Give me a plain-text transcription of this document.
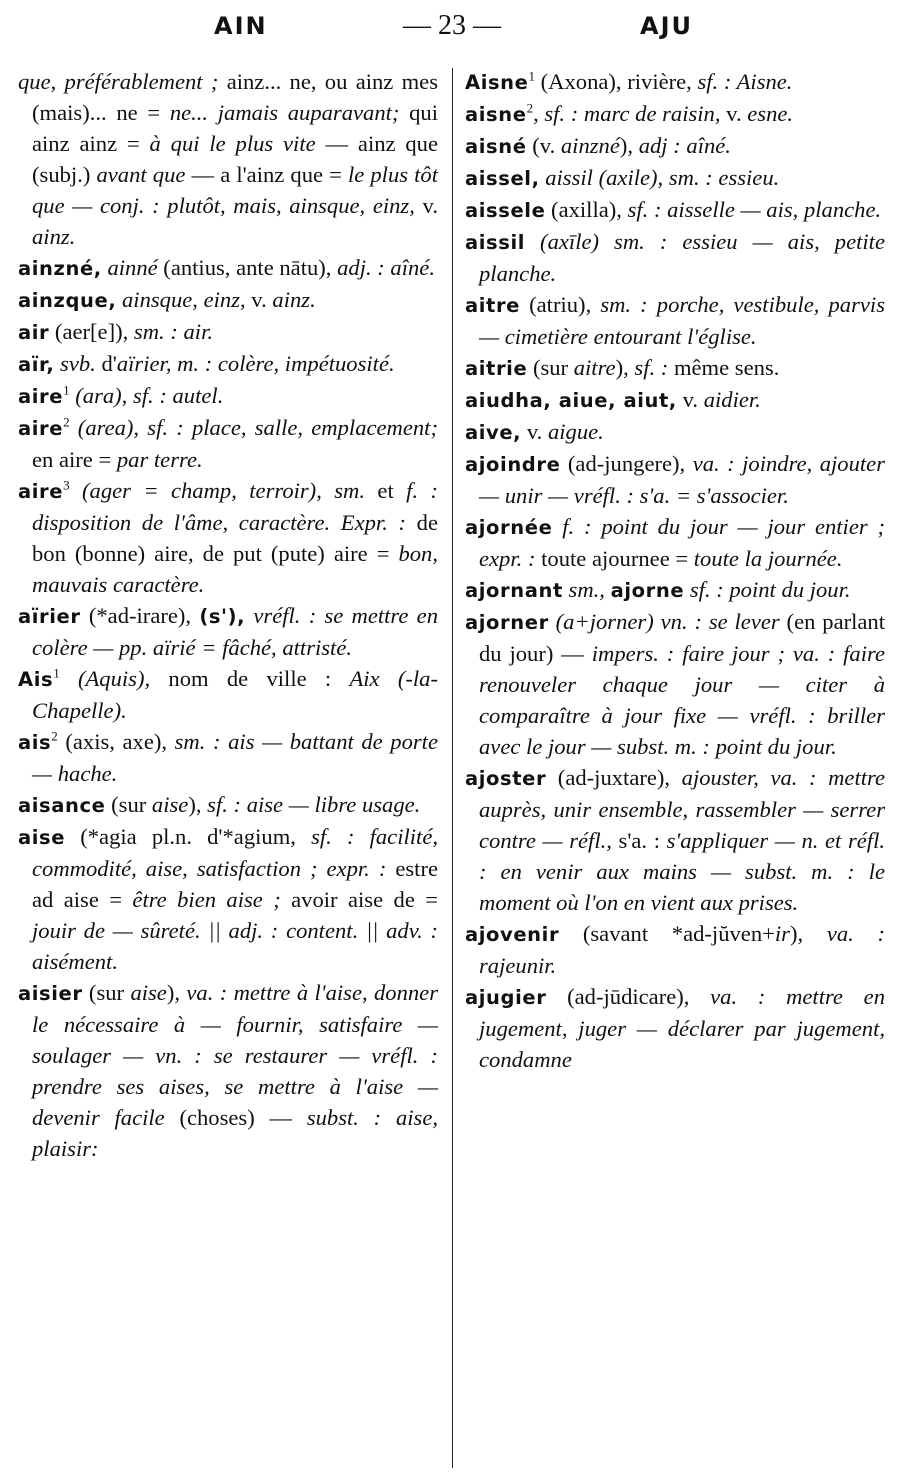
AIN	— 23 —	AJU

que, préférablement ; ainz... ne, ou ainz mes (mais)... ne = ne... jamais auparavant; qui ainz ainz = à qui le plus vite — ainz que (subj.) avant que — a l'ainz que = le plus tôt que — conj. : plutôt, mais, ainsque, einz, v. ainz.

ainzné, ainné (antius, ante nātu), adj. : aîné.

ainzque, ainsque, einz, v. ainz.

air (aer[e]), sm. : air.

aïr, svb. d'aïrier, m. : colère, impétuosité.

aire$^1$ (ara), sf. : autel.

aire$^2$ (area), sf. : place, salle, emplacement; en aire = par terre.

aire$^3$ (ager = champ, terroir), sm. et f. : disposition de l'âme, caractère. Expr. : de bon (bonne) aire, de put (pute) aire = bon, mauvais caractère.

aïrier (*ad-irare), (s'), vréfl. : se mettre en colère — pp. aïrié = fâché, attristé.

Ais$^1$ (Aquis), nom de ville : Aix (-la-Chapelle).

ais$^2$ (axis, axe), sm. : ais — battant de porte — hache.

aisance (sur aise), sf. : aise — libre usage.

aise (*agia pl.n. d'*agium, sf. : facilité, commodité, aise, satisfaction ; expr. : estre ad aise = être bien aise ; avoir aise de = jouir de — sûreté. || adj. : content. || adv. : aisément.

aisier (sur aise), va. : mettre à l'aise, donner le nécessaire à — fournir, satisfaire — soulager — vn. : se restaurer — vréfl. : prendre ses aises, se mettre à l'aise — devenir facile (choses) — subst. : aise, plaisir:

Aisne$^1$ (Axona), rivière, sf. : Aisne.

aisne$^2$, sf. : marc de raisin, v. esne.

aisné (v. ainzné), adj : aîné.

aissel, aissil (axile), sm. : essieu.

aissele (axilla), sf. : aisselle — ais, planche.

aissil (axīle) sm. : essieu — ais, petite planche.

aitre (atriu), sm. : porche, vestibule, parvis — cimetière entourant l'église.

aitrie (sur aitre), sf. : même sens.

aiudha, aiue, aiut, v. aidier.

aive, v. aigue.

ajoindre (ad-jungere), va. : joindre, ajouter — unir — vréfl. : s'a. = s'associer.

ajornée f. : point du jour — jour entier ; expr. : toute ajournee = toute la journée.

ajornant sm., ajorne sf. : point du jour.

ajorner (a+jorner) vn. : se lever (en parlant du jour) — impers. : faire jour ; va. : faire renouveler chaque jour — citer à comparaître à jour fixe — vréfl. : briller avec le jour — subst. m. : point du jour.

ajoster (ad-juxtare), ajouster, va. : mettre auprès, unir ensemble, rassembler — serrer contre — réfl., s'a. : s'appliquer — n. et réfl. : en venir aux mains — subst. m. : le moment où l'on en vient aux prises.

ajovenir (savant *ad-jŭven+ir), va. : rajeunir.

ajugier (ad-jūdicare), va. : mettre en jugement, juger — déclarer par jugement, condamne
